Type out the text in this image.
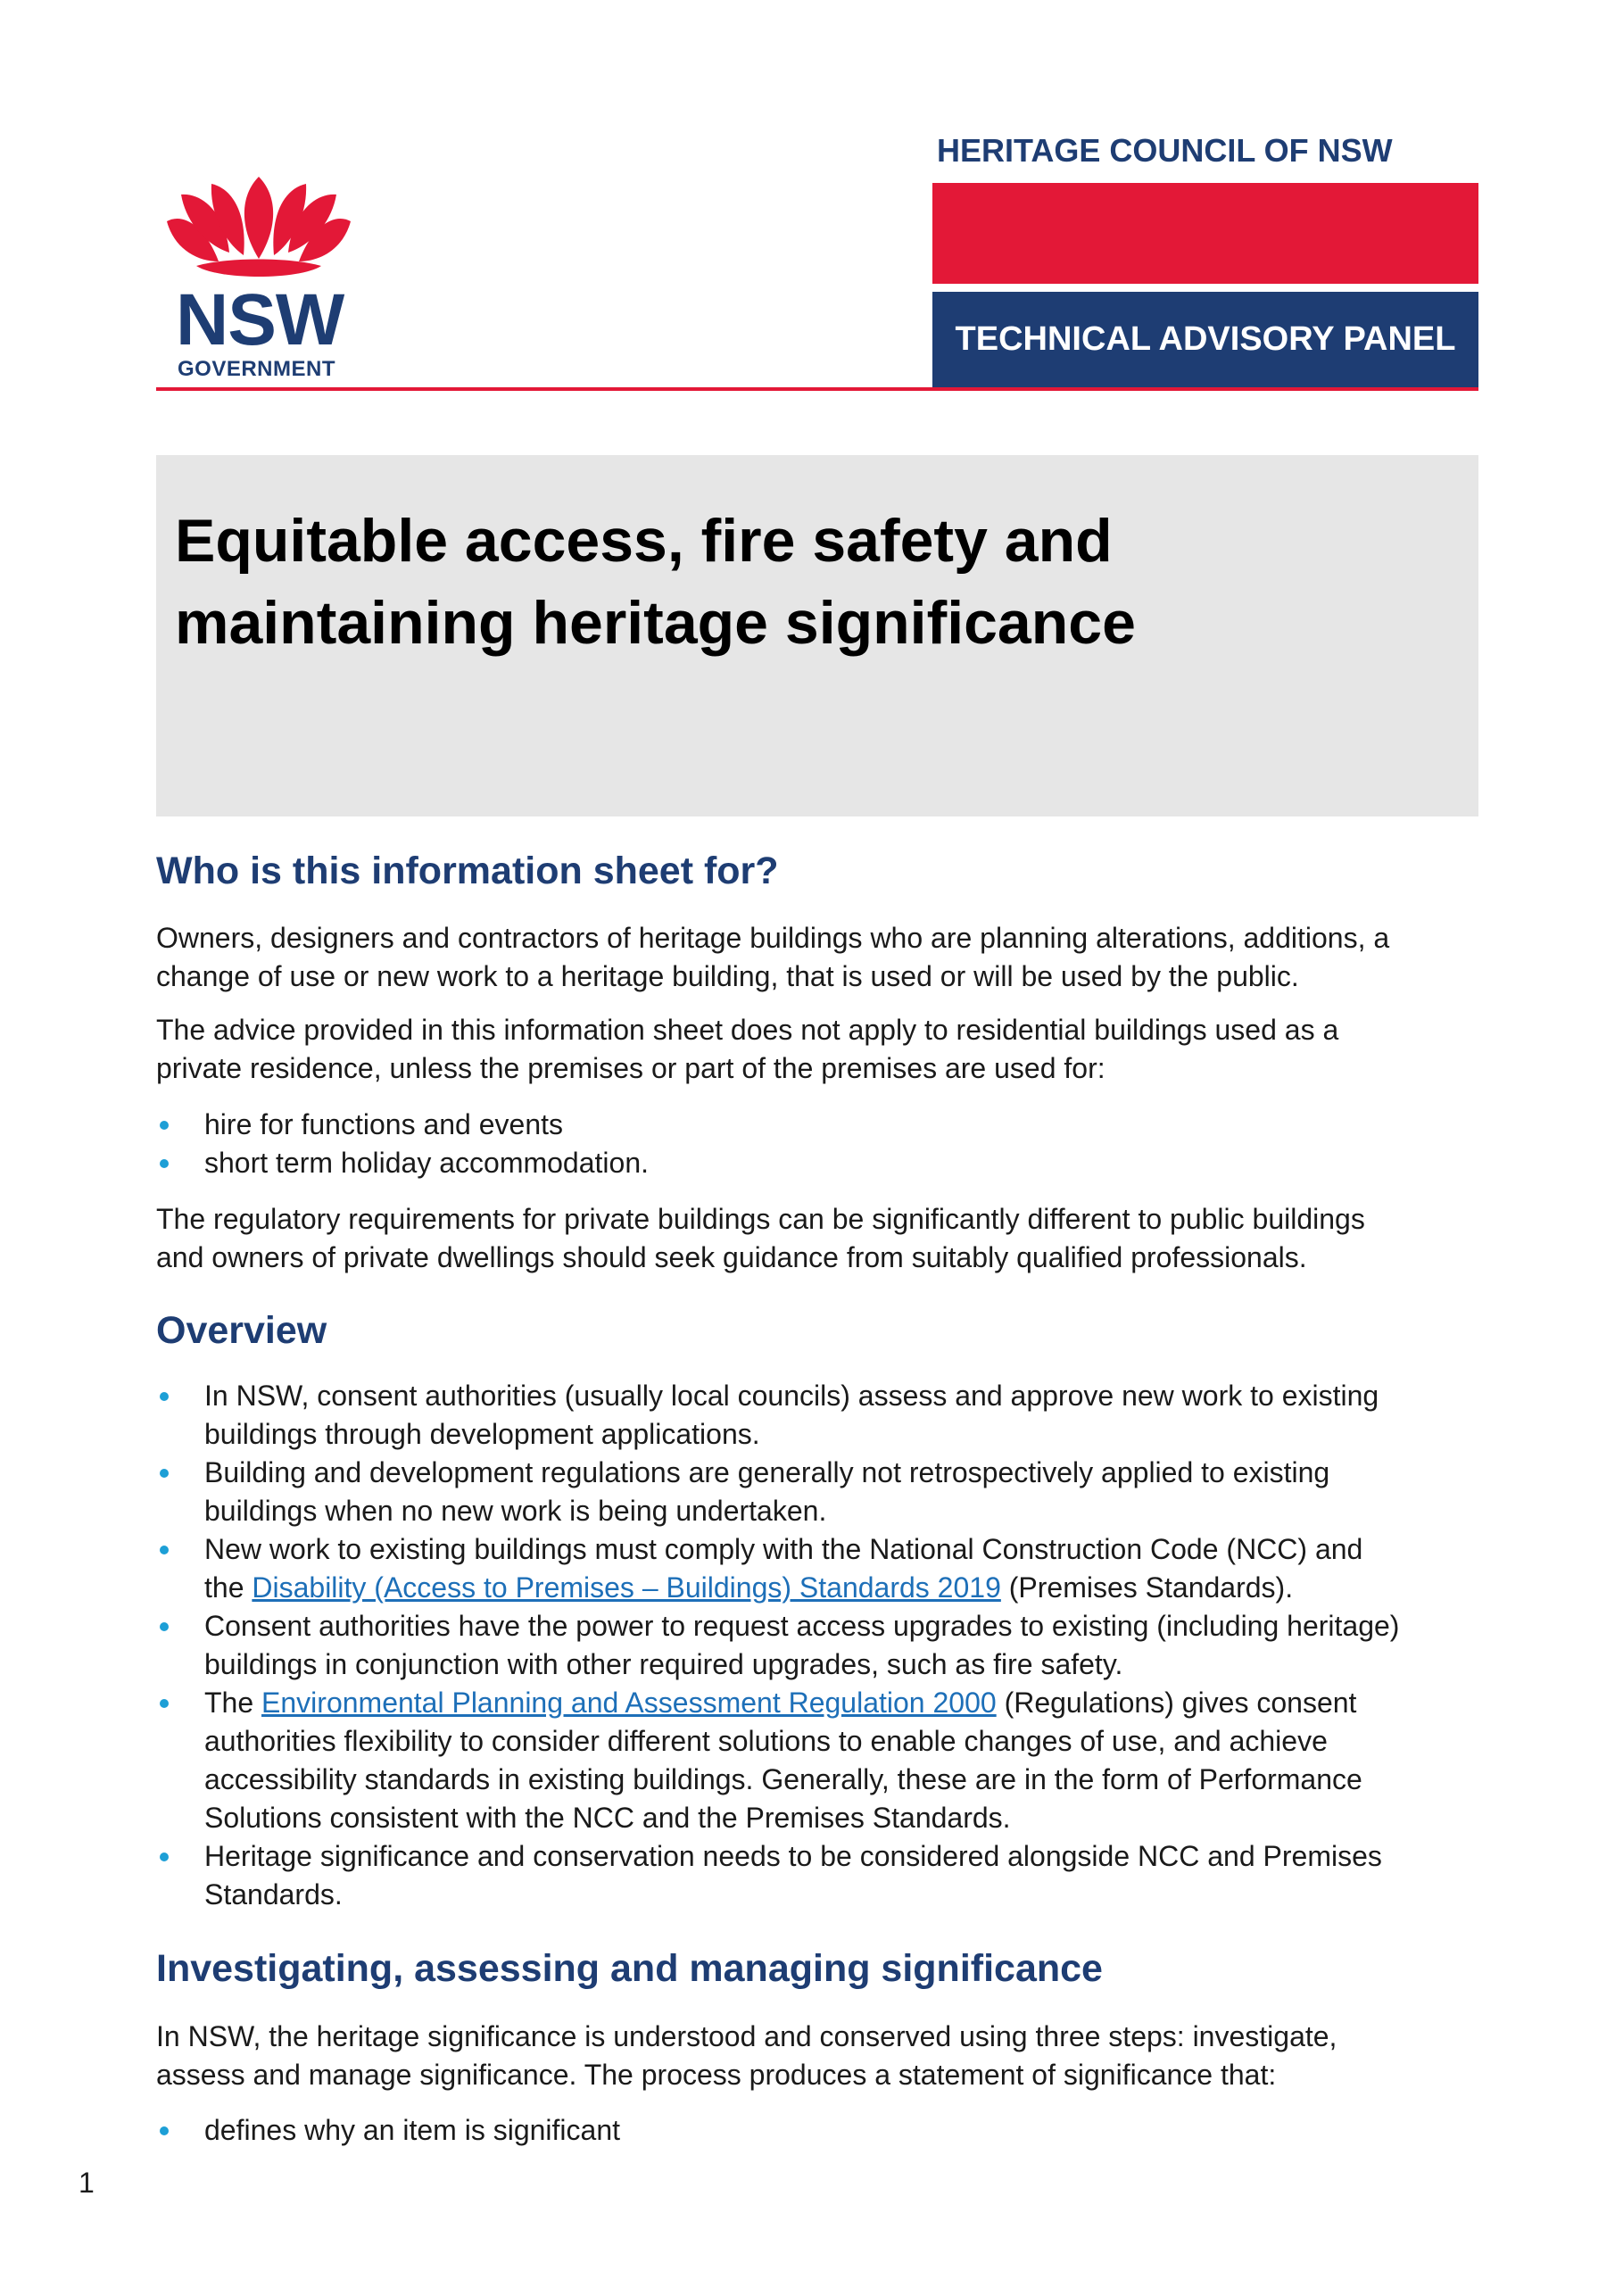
HERITAGE COUNCIL OF NSW
TECHNICAL ADVISORY PANEL
NSW
GOVERNMENT
Equitable access, fire safety and
maintaining heritage significance
Who is this information sheet for?
Owners, designers and contractors of heritage buildings who are planning alterations, additions, a
change of use or new work to a heritage building, that is used or will be used by the public.
The advice provided in this information sheet does not apply to residential buildings used as a
private residence, unless the premises or part of the premises are used for:
hire for functions and events
short term holiday accommodation.
The regulatory requirements for private buildings can be significantly different to public buildings
and owners of private dwellings should seek guidance from suitably qualified professionals.
Overview
In NSW, consent authorities (usually local councils) assess and approve new work to existing
buildings through development applications.
Building and development regulations are generally not retrospectively applied to existing
buildings when no new work is being undertaken.
New work to existing buildings must comply with the National Construction Code (NCC) and
the Disability (Access to Premises – Buildings) Standards 2019 (Premises Standards).
Consent authorities have the power to request access upgrades to existing (including heritage)
buildings in conjunction with other required upgrades, such as fire safety.
The Environmental Planning and Assessment Regulation 2000 (Regulations) gives consent
authorities flexibility to consider different solutions to enable changes of use, and achieve
accessibility standards in existing buildings. Generally, these are in the form of Performance
Solutions consistent with the NCC and the Premises Standards.
Heritage significance and conservation needs to be considered alongside NCC and Premises
Standards.
Investigating, assessing and managing significance
In NSW, the heritage significance is understood and conserved using three steps: investigate,
assess and manage significance. The process produces a statement of significance that:
defines why an item is significant
1
